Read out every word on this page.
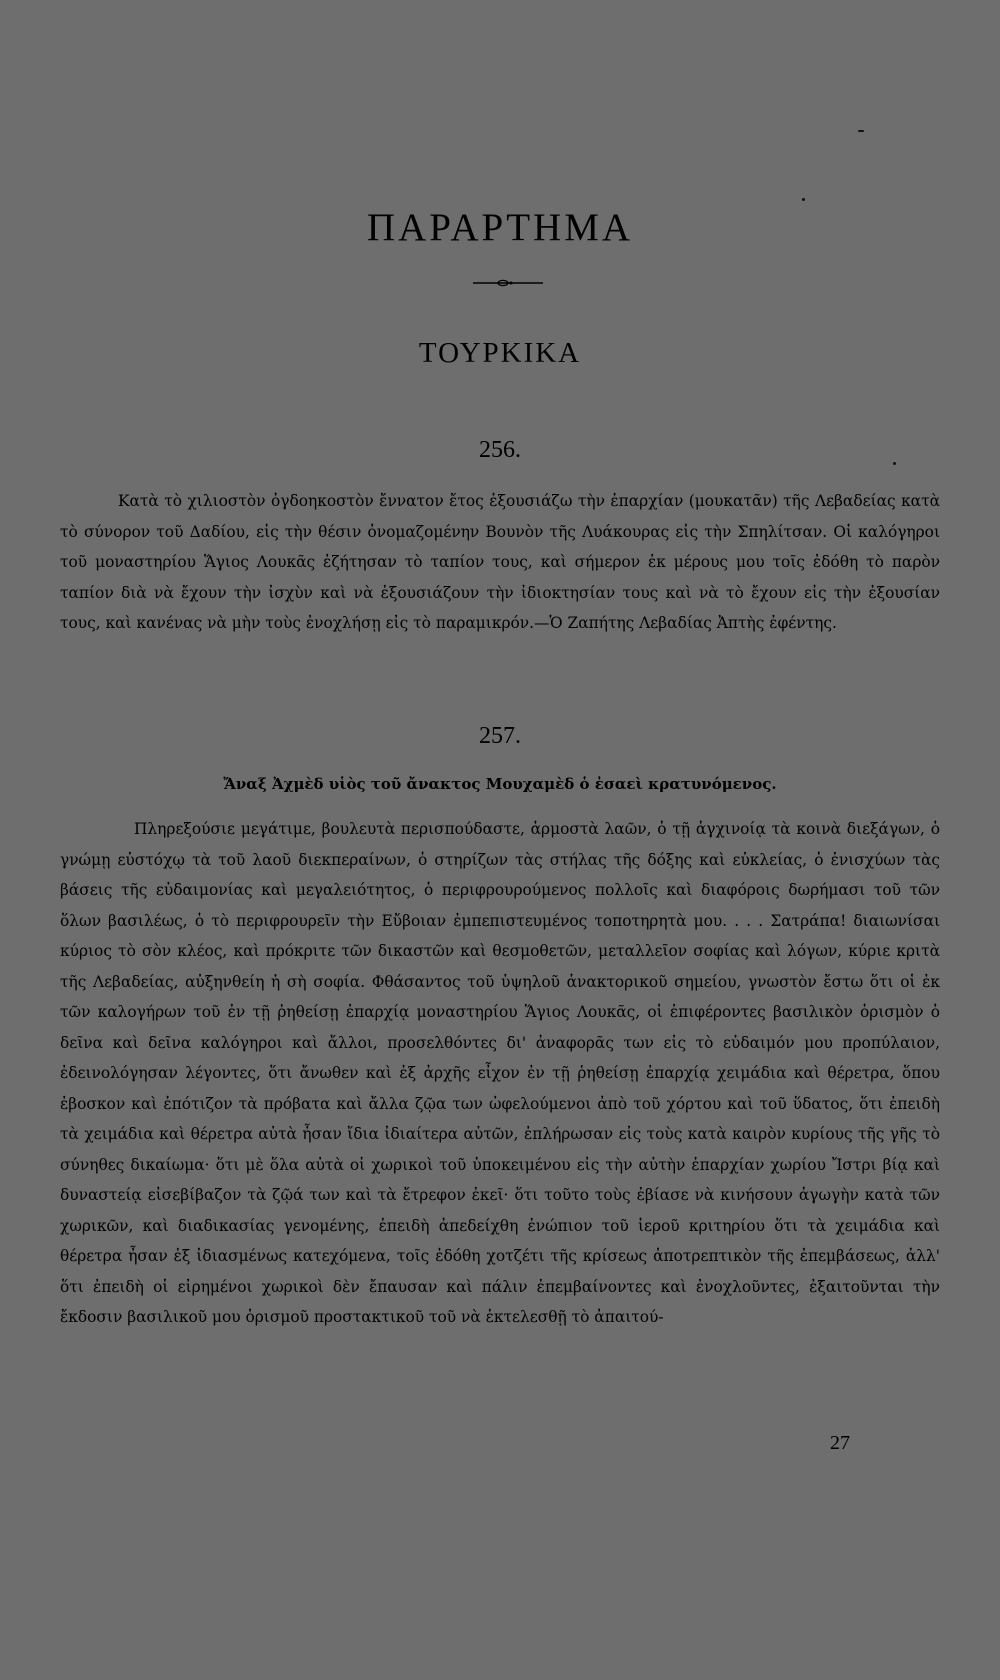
ΠΑΡΑΡΤΗΜΑ
ΤΟΥΡΚΙΚΑ
256.

Κατὰ τὸ χιλιοστὸν ὀγδοηκοστὸν ἔννατον ἔτος ἐξουσιάζω τὴν ἐπαρχίαν (μουκατᾶν) τῆς Λεβαδείας κατὰ τὸ σύνορον τοῦ Δαδίου, εἰς τὴν θέσιν ὀνομαζομένην Βουνὸν τῆς Λυάκουρας εἰς τὴν Σπηλίτσαν. Οἱ καλόγηροι τοῦ μοναστηρίου Ἅγιος Λουκᾶς ἐζήτησαν τὸ ταπίον τους, καὶ σήμερον ἐκ μέρους μου τοῖς ἐδόθη τὸ παρὸν ταπίον διὰ νὰ ἔχουν τὴν ἰσχὺν καὶ νὰ ἐξουσιάζουν τὴν ἰδιοκτησίαν τους καὶ νὰ τὸ ἔχουν εἰς τὴν ἐξουσίαν τους, καὶ κανένας νὰ μὴν τοὺς ἐνοχλήσῃ εἰς τὸ παραμικρόν.—Ὁ Ζαπήτης Λεβαδίας Ἀπτὴς ἐφέντης.

257.
Ἄναξ Ἀχμὲδ υἱὸς τοῦ ἄνακτος Μουχαμὲδ ὁ ἐσαεὶ κρατυνόμενος.

Πληρεξούσιε μεγάτιμε, βουλευτὰ περισπούδαστε, ἁρμοστὰ λαῶν, ὁ τῇ ἀγχινοίᾳ τὰ κοινὰ διεξάγων, ὁ γνώμῃ εὐστόχῳ τὰ τοῦ λαοῦ διεκπεραίνων, ὁ στηρίζων τὰς στήλας τῆς δόξης καὶ εὐκλείας, ὁ ἐνισχύων τὰς βάσεις τῆς εὐδαιμονίας καὶ μεγαλειότητος, ὁ περιφρουρούμενος πολλοῖς καὶ διαφόροις δωρήμασι τοῦ τῶν ὅλων βασιλέως, ὁ τὸ περιφρουρεῖν τὴν Εὔβοιαν ἐμπεπιστευμένος τοποτηρητὰ μου. . . . Σατράπα! διαιωνίσαι κύριος τὸ σὸν κλέος, καὶ πρόκριτε τῶν δικαστῶν καὶ θεσμοθετῶν, μεταλλεῖον σοφίας καὶ λόγων, κύριε κριτὰ τῆς Λεβαδείας, αὐξηνθείη ἡ σὴ σοφία. Φθάσαντος τοῦ ὑψηλοῦ ἀνακτορικοῦ σημείου, γνωστὸν ἔστω ὅτι οἱ ἐκ τῶν καλογήρων τοῦ ἐν τῇ ῥηθείσῃ ἐπαρχίᾳ μοναστηρίου Ἅγιος Λουκᾶς, οἱ ἐπιφέροντες βασιλικὸν ὁρισμὸν ὁ δεῖνα καὶ δεῖνα καλόγηροι καὶ ἄλλοι, προσελθόντες δι' ἀναφορᾶς των εἰς τὸ εὐδαιμόν μου προπύλαιον, ἐδεινολόγησαν λέγοντες, ὅτι ἄνωθεν καὶ ἐξ ἀρχῆς εἶχον ἐν τῇ ῥηθείσῃ ἐπαρχίᾳ χειμάδια καὶ θέρετρα, ὅπου ἐβοσκον καὶ ἐπότιζον τὰ πρόβατα καὶ ἄλλα ζῷα των ὠφελούμενοι ἀπὸ τοῦ χόρτου καὶ τοῦ ὕδατος, ὅτι ἐπειδὴ τὰ χειμάδια καὶ θέρετρα αὐτὰ ἦσαν ἴδια ἰδιαίτερα αὐτῶν, ἐπλήρωσαν εἰς τοὺς κατὰ καιρὸν κυρίους τῆς γῆς τὸ σύνηθες δικαίωμα· ὅτι μὲ ὅλα αὐτὰ οἱ χωρικοὶ τοῦ ὑποκειμένου εἰς τὴν αὐτὴν ἐπαρχίαν χωρίου Ἴστρι βίᾳ καὶ δυναστείᾳ εἰσεβίβαζον τὰ ζῷά των καὶ τὰ ἔτρεφον ἐκεῖ· ὅτι τοῦτο τοὺς ἐβίασε νὰ κινήσουν ἀγωγὴν κατὰ τῶν χωρικῶν, καὶ διαδικασίας γενομένης, ἐπειδὴ ἀπεδείχθη ἐνώπιον τοῦ ἱεροῦ κριτηρίου ὅτι τὰ χειμάδια καὶ θέρετρα ἦσαν ἐξ ἰδιασμένως κατεχόμενα, τοῖς ἐδόθη χοτζέτι τῆς κρίσεως ἀποτρεπτικὸν τῆς ἐπεμβάσεως, ἀλλ' ὅτι ἐπειδὴ οἱ εἰρημένοι χωρικοὶ δὲν ἔπαυσαν καὶ πάλιν ἐπεμβαίνοντες καὶ ἐνοχλοῦντες, ἐξαιτοῦνται τὴν ἔκδοσιν βασιλικοῦ μου ὁρισμοῦ προστακτικοῦ τοῦ νὰ ἐκτελεσθῇ τὸ ἀπαιτού-

27
